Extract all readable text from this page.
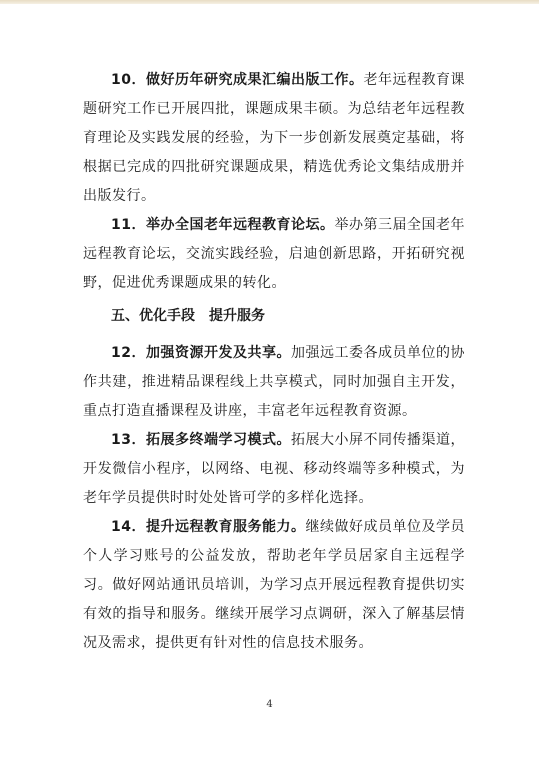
10．做好历年研究成果汇编出版工作。老年远程教育课题研究工作已开展四批，课题成果丰硕。为总结老年远程教育理论及实践发展的经验，为下一步创新发展奠定基础，将根据已完成的四批研究课题成果，精选优秀论文集结成册并出版发行。

11．举办全国老年远程教育论坛。举办第三届全国老年远程教育论坛，交流实践经验，启迪创新思路，开拓研究视野，促进优秀课题成果的转化。

五、优化手段　提升服务

12．加强资源开发及共享。加强远工委各成员单位的协作共建，推进精品课程线上共享模式，同时加强自主开发，重点打造直播课程及讲座，丰富老年远程教育资源。

13．拓展多终端学习模式。拓展大小屏不同传播渠道，开发微信小程序，以网络、电视、移动终端等多种模式，为老年学员提供时时处处皆可学的多样化选择。

14．提升远程教育服务能力。继续做好成员单位及学员个人学习账号的公益发放，帮助老年学员居家自主远程学习。做好网站通讯员培训，为学习点开展远程教育提供切实有效的指导和服务。继续开展学习点调研，深入了解基层情况及需求，提供更有针对性的信息技术服务。

4
